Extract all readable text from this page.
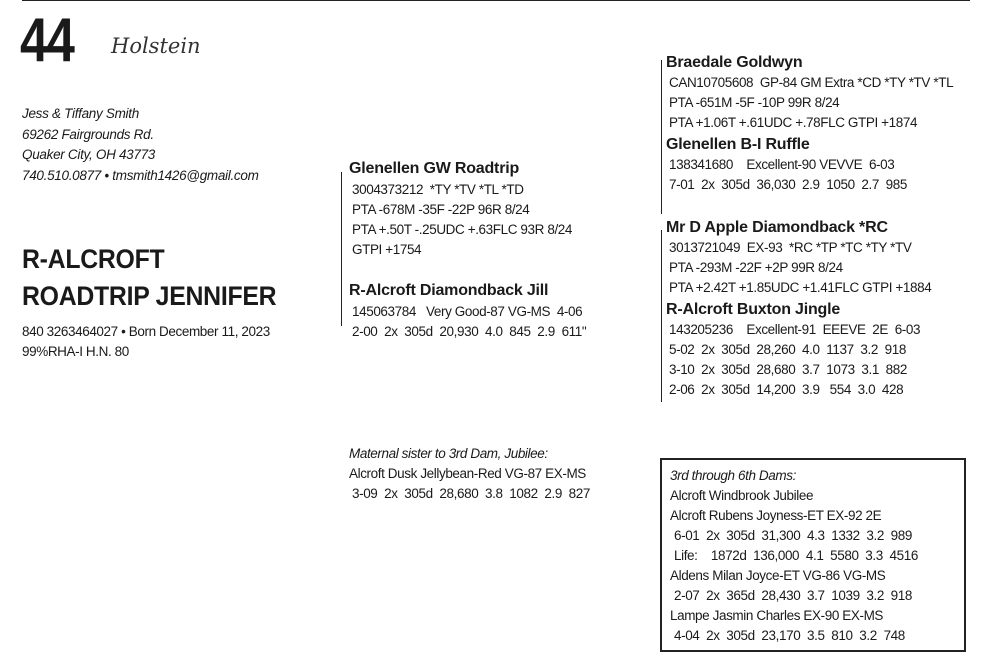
44 Holstein
Jess & Tiffany Smith
69262 Fairgrounds Rd.
Quaker City, OH 43773
740.510.0877 • tmsmith1426@gmail.com
R-ALCROFT
ROADTRIP JENNIFER
840 3263464027 • Born December 11, 2023
99%RHA-I H.N. 80
Glenellen GW Roadtrip
3004373212  *TY *TV *TL *TD
PTA -678M -35F -22P 96R 8/24
PTA +.50T -.25UDC +.63FLC 93R 8/24
GTPI +1754
R-Alcroft Diamondback Jill
145063784   Very Good-87 VG-MS  4-06
2-00  2x  305d  20,930  4.0  845  2.9  611"
Braedale Goldwyn
CAN10705608  GP-84 GM Extra *CD *TY *TV *TL
PTA -651M -5F -10P 99R 8/24
PTA +1.06T +.61UDC +.78FLC GTPI +1874
Glenellen B-I Ruffle
138341680    Excellent-90 VEVVE  6-03
7-01  2x  305d  36,030  2.9  1050  2.7  985
Mr D Apple Diamondback *RC
3013721049  EX-93  *RC *TP *TC *TY *TV
PTA -293M -22F +2P 99R 8/24
PTA +2.42T +1.85UDC +1.41FLC GTPI +1884
R-Alcroft Buxton Jingle
143205236    Excellent-91  EEEVE  2E  6-03
5-02  2x  305d  28,260  4.0  1137  3.2  918
3-10  2x  305d  28,680  3.7  1073  3.1  882
2-06  2x  305d  14,200  3.9   554  3.0  428
Maternal sister to 3rd Dam, Jubilee:
Alcroft Dusk Jellybean-Red VG-87 EX-MS
3-09  2x  305d  28,680  3.8  1082  2.9  827
3rd through 6th Dams:
Alcroft Windbrook Jubilee
Alcroft Rubens Joyness-ET EX-92 2E
6-01  2x  305d  31,300  4.3  1332  3.2  989
Life:    1872d  136,000  4.1  5580  3.3  4516
Aldens Milan Joyce-ET VG-86 VG-MS
2-07  2x  365d  28,430  3.7  1039  3.2  918
Lampe Jasmin Charles EX-90 EX-MS
4-04  2x  305d  23,170  3.5  810  3.2  748
